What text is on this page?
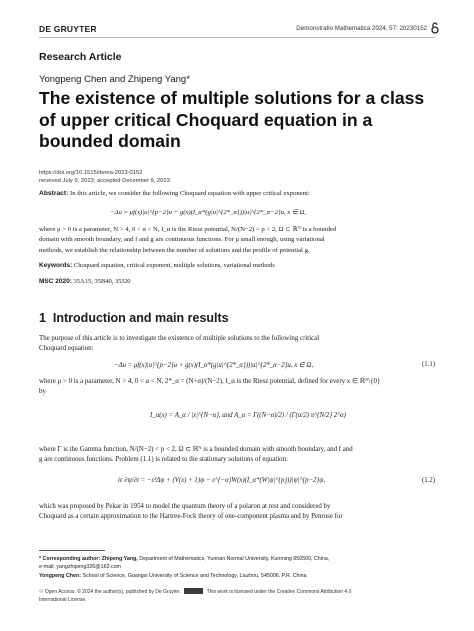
DE GRUYTER	Demonstratio Mathematica 2024; 57: 20230152
Research Article
Yongpeng Chen and Zhipeng Yang*
The existence of multiple solutions for a class of upper critical Choquard equation in a bounded domain
https://doi.org/10.1515/dema-2023-0152
received July 9, 2023; accepted December 9, 2023

Abstract: In this article, we consider the following Choquard equation with upper critical exponent:

−Δu = μf(x)|u|^{p−2}u + g(x)(I_α*(g|u|^{2*_α}))|u|^{2*_α−2}u, x ∈ Ω,

where μ > 0 is a parameter, N > 4, 0 < α < N, I_α is the Riesz potential, N/(N−2) < p < 2, Ω ⊂ ℝᴺ is a bounded

domain with smooth boundary, and f and g are continuous functions. For μ small enough, using variational

methods, we establish the relationship between the number of solutions and the profile of potential g.

Keywords: Choquard equation, critical exponent, multiple solutions, variational methods
MSC 2020: 35A15, 35B40, 35J20
1 Introduction and main results
The purpose of this article is to investigate the existence of multiple solutions to the following critical
Choquard equation:
−Δu = μf(x)|u|^{p−2}u + g(x)(I_α*(g|u|^{2*_α}))|u|^{2*_α−2}u, x ∈ Ω,	(1.1)
where μ > 0 is a parameter, N > 4, 0 < α < N, 2*_α = (N+α)/(N−2), I_α is the Riesz potential, defined for every x ∈ ℝᴺ\{0}
by
I_α(x) = A_α / |x|^{N−α}, and A_α = Γ((N−α)/2) / (Γ(α/2) π^{N/2} 2^α)
where Γ is the Gamma function, N/(N−2) < p < 2, Ω ⊂ ℝᴺ is a bounded domain with smooth boundary, and f and
g are continuous functions. Problem (1.1) is related to the stationary solutions of equation:
iε ∂ψ/∂t = −ε²Δψ + (V(x) + 1)ψ − ε^{−α}W(x)(I_α*(W|ψ|^{p}))|ψ|^{p−2}ψ,	(1.2)
which was proposed by Pekar in 1954 to model the quantum theory of a polaron at rest and considered by
Choquard as a certain approximation to the Hartree-Fock theory of one-component plasma and by Penrose for
* Corresponding author: Zhipeng Yang, Department of Mathematics, Yunnan Normal University, Kunming 650500, China,
e-mail: yangzhipeng326@163.com
Yongpeng Chen: School of Science, Guangxi University of Science and Technology, Liuzhou, 545006, P.R. China
☉ Open Access. © 2024 the author(s), published by De Gruyter.	This work is licensed under the Creative Commons Attribution 4.0
International License.
